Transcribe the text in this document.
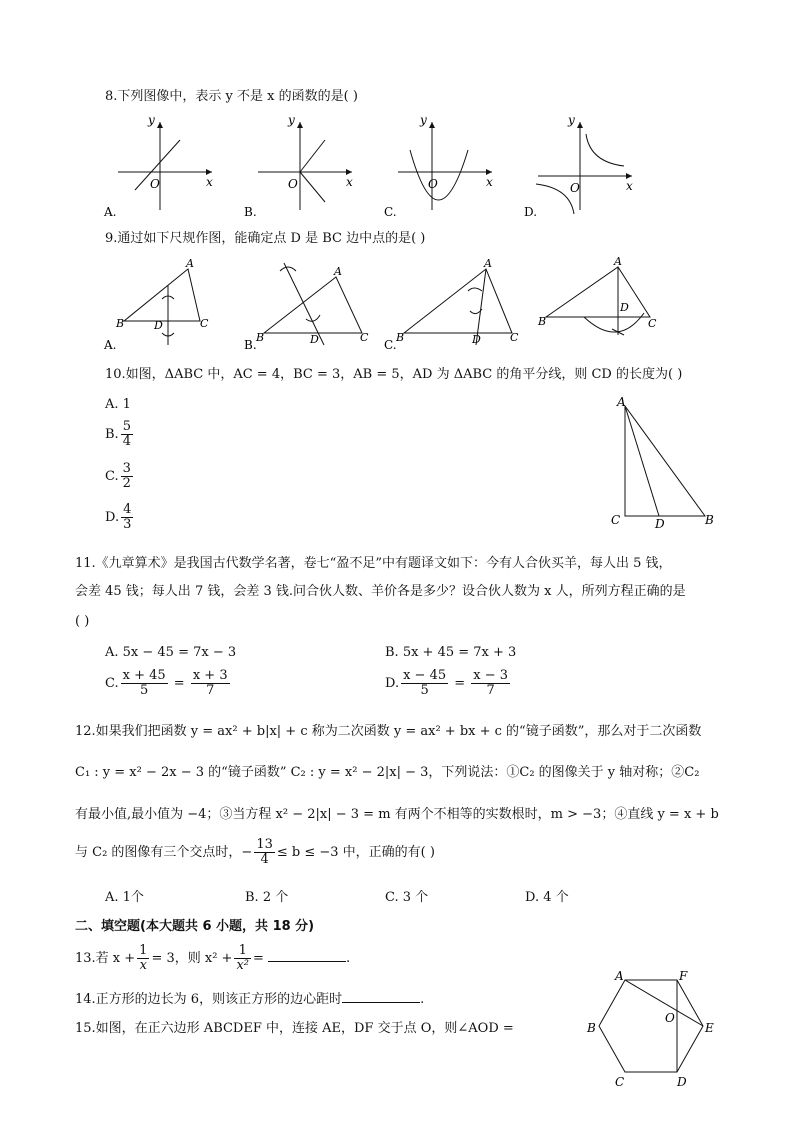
8.下列图像中，表示 y 不是 x 的函数的是( )
y
x
O
A.
y
x
O
B.
y
x
O
C.
y
x
O
D.
9.通过如下尺规作图，能确定点 D 是 BC 边中点的是( )
A
B	D	C
A.
A
B	D	C
B.
A
B	D	C
C.
A
B
D
C
10.如图，ΔABC 中，AC = 4，BC = 3，AB = 5，AD 为 ΔABC 的角平分线，则 CD 的长度为( )
A. 1
B. $\frac{5}{4}$
C. $\frac{3}{2}$
D. $\frac{4}{3}$
A
C	D	B
11.《九章算术》是我国古代数学名著，卷七“盈不足”中有题译文如下：今有人合伙买羊，每人出 5 钱，
会差 45 钱；每人出 7 钱，会差 3 钱.问合伙人数、羊价各是多少？设合伙人数为 x 人，所列方程正确的是
( )
A. 5x − 45 = 7x − 3	B. 5x + 45 = 7x + 3
C. $\frac{x + 45}{5} = \frac{x + 3}{7}$	D. $\frac{x - 45}{5} = \frac{x - 3}{7}$
12.如果我们把函数 y = ax² + b|x| + c 称为二次函数 y = ax² + bx + c 的“镜子函数”，那么对于二次函数
C₁ : y = x² − 2x − 3 的“镜子函数” C₂ : y = x² − 2|x| − 3，下列说法：①C₂ 的图像关于 y 轴对称；②C₂
有最小值,最小值为 −4；③当方程 x² − 2|x| − 3 = m 有两个不相等的实数根时，m > −3；④直线 y = x + b
与 C₂ 的图像有三个交点时，− $\frac{13}{4} \le b \le -3$ 中，正确的有( )
A. 1个	B. 2 个	C. 3 个	D. 4 个
二、填空题(本大题共 6 小题，共 18 分)
13.若 $x + \frac{1}{x} = 3$，则 $x^2 + \frac{1}{\text{x²}}$ =	.
14.正方形的边长为 6，则该正方形的边心距时	.
15.如图，在正六边形 ABCDEF 中，连接 AE，DF 交于点 O，则∠AOD =
A	F
B	E
O
C	D
